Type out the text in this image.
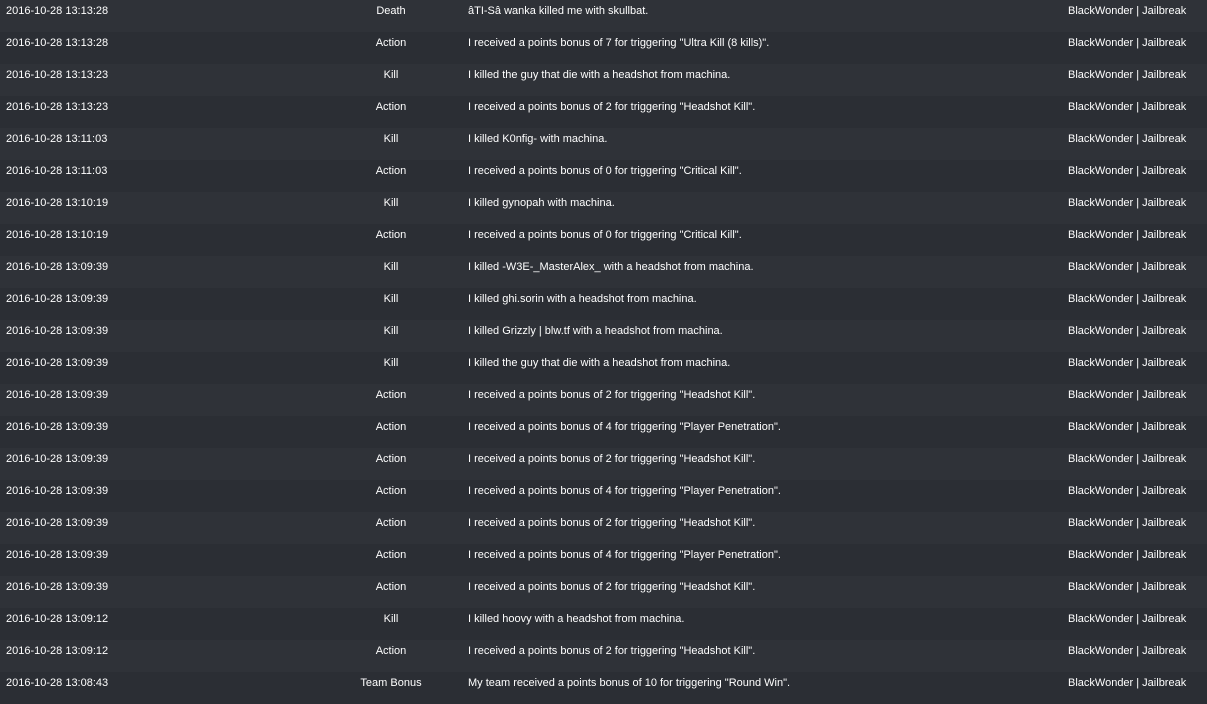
2016-10-28 13:13:28	Death	âTI-Sâ wanka killed me with skullbat.	BlackWonder | Jailbreak
2016-10-28 13:13:28	Action	I received a points bonus of 7 for triggering "Ultra Kill (8 kills)".	BlackWonder | Jailbreak
2016-10-28 13:13:23	Kill	I killed the guy that die with a headshot from machina.	BlackWonder | Jailbreak
2016-10-28 13:13:23	Action	I received a points bonus of 2 for triggering "Headshot Kill".	BlackWonder | Jailbreak
2016-10-28 13:11:03	Kill	I killed K0nfig- with machina.	BlackWonder | Jailbreak
2016-10-28 13:11:03	Action	I received a points bonus of 0 for triggering "Critical Kill".	BlackWonder | Jailbreak
2016-10-28 13:10:19	Kill	I killed gynopah with machina.	BlackWonder | Jailbreak
2016-10-28 13:10:19	Action	I received a points bonus of 0 for triggering "Critical Kill".	BlackWonder | Jailbreak
2016-10-28 13:09:39	Kill	I killed -W3E-_MasterAlex_ with a headshot from machina.	BlackWonder | Jailbreak
2016-10-28 13:09:39	Kill	I killed ghi.sorin with a headshot from machina.	BlackWonder | Jailbreak
2016-10-28 13:09:39	Kill	I killed Grizzly | blw.tf with a headshot from machina.	BlackWonder | Jailbreak
2016-10-28 13:09:39	Kill	I killed the guy that die with a headshot from machina.	BlackWonder | Jailbreak
2016-10-28 13:09:39	Action	I received a points bonus of 2 for triggering "Headshot Kill".	BlackWonder | Jailbreak
2016-10-28 13:09:39	Action	I received a points bonus of 4 for triggering "Player Penetration".	BlackWonder | Jailbreak
2016-10-28 13:09:39	Action	I received a points bonus of 2 for triggering "Headshot Kill".	BlackWonder | Jailbreak
2016-10-28 13:09:39	Action	I received a points bonus of 4 for triggering "Player Penetration".	BlackWonder | Jailbreak
2016-10-28 13:09:39	Action	I received a points bonus of 2 for triggering "Headshot Kill".	BlackWonder | Jailbreak
2016-10-28 13:09:39	Action	I received a points bonus of 4 for triggering "Player Penetration".	BlackWonder | Jailbreak
2016-10-28 13:09:39	Action	I received a points bonus of 2 for triggering "Headshot Kill".	BlackWonder | Jailbreak
2016-10-28 13:09:12	Kill	I killed hoovy with a headshot from machina.	BlackWonder | Jailbreak
2016-10-28 13:09:12	Action	I received a points bonus of 2 for triggering "Headshot Kill".	BlackWonder | Jailbreak
2016-10-28 13:08:43	Team Bonus	My team received a points bonus of 10 for triggering "Round Win".	BlackWonder | Jailbreak
